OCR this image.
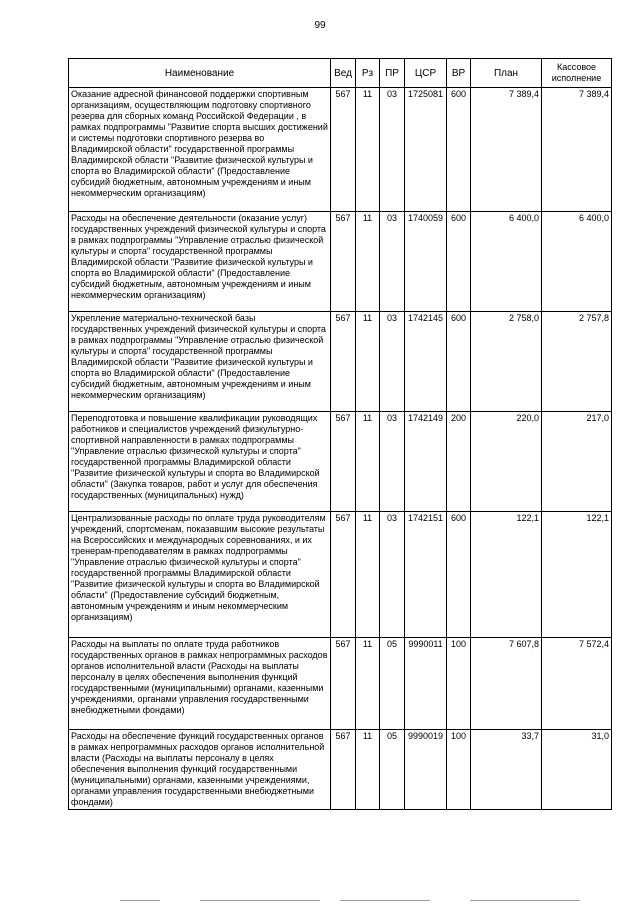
99
Наименование	Вед	Рз	ПР	ЦСР	ВР	План	Кассовое исполнение
Оказание адресной финансовой поддержки спортивным организациям, осуществляющим подготовку спортивного резерва для сборных команд Российской Федерации , в рамках подпрограммы "Развитие спорта высших достижений и системы подготовки спортивного резерва во Владимирской области" государственной программы Владимирской области "Развитие физической культуры и спорта во Владимирской области" (Предоставление субсидий бюджетным, автономным учреждениям и иным некоммерческим организациям)	567	11	03	1725081	600	7 389,4	7 389,4
Расходы на обеспечение деятельности (оказание услуг) государственных учреждений физической культуры и спорта в рамках подпрограммы "Управление отраслью физической культуры и спорта" государственной программы Владимирской области "Развитие физической культуры и спорта во Владимирской области" (Предоставление субсидий бюджетным, автономным учреждениям и иным некоммерческим организациям)	567	11	03	1740059	600	6 400,0	6 400,0
Укрепление материально-технической базы государственных учреждений физической культуры и спорта в рамках подпрограммы "Управление отраслью физической культуры и спорта" государственной программы Владимирской области "Развитие физической культуры и спорта во Владимирской области" (Предоставление субсидий бюджетным, автономным учреждениям и иным некоммерческим организациям)	567	11	03	1742145	600	2 758,0	2 757,8
Переподготовка и повышение квалификации руководящих работников и специалистов учреждений физкультурно-спортивной направленности в рамках подпрограммы "Управление отраслью физической культуры и спорта" государственной программы Владимирской области "Развитие физической культуры и спорта во Владимирской области" (Закупка товаров, работ и услуг для обеспечения государственных (муниципальных) нужд)	567	11	03	1742149	200	220,0	217,0
Централизованные расходы по оплате труда руководителям учреждений, спортсменам, показавшим высокие результаты на Всероссийских и международных соревнованиях, и их тренерам-преподавателям в рамках подпрограммы "Управление отраслью физической культуры и спорта" государственной программы Владимирской области "Развитие физической культуры и спорта во Владимирской области" (Предоставление субсидий бюджетным, автономным учреждениям и иным некоммерческим организациям)	567	11	03	1742151	600	122,1	122,1
Расходы на выплаты по оплате труда работников государственных органов в рамках непрограммных расходов органов исполнительной власти (Расходы на выплаты персоналу в целях обеспечения выполнения функций государственными (муниципальными) органами, казенными учреждениями, органами управления государственными внебюджетными фондами)	567	11	05	9990011	100	7 607,8	7 572,4
Расходы на обеспечение функций государственных органов в рамках непрограммных расходов органов исполнительной власти (Расходы на выплаты персоналу в целях обеспечения выполнения функций государственными (муниципальными) органами, казенными учреждениями, органами управления государственными внебюджетными фондами)	567	11	05	9990019	100	33,7	31,0
